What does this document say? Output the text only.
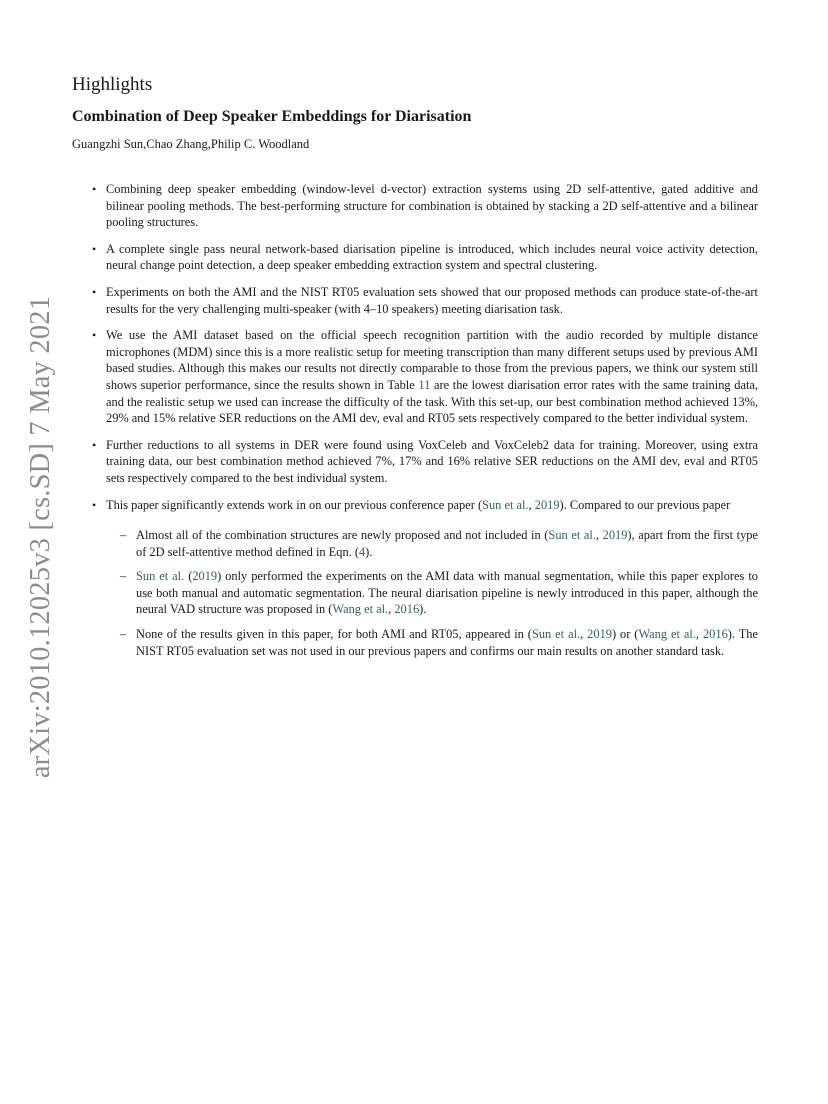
arXiv:2010.12025v3 [cs.SD] 7 May 2021
Highlights
Combination of Deep Speaker Embeddings for Diarisation

Guangzhi Sun,Chao Zhang,Philip C. Woodland

• Combining deep speaker embedding (window-level d-vector) extraction systems using 2D self-attentive, gated additive and bilinear pooling methods. The best-performing structure for combination is obtained by stacking a 2D self-attentive and a bilinear pooling structures.
• A complete single pass neural network-based diarisation pipeline is introduced, which includes neural voice activity detection, neural change point detection, a deep speaker embedding extraction system and spectral clustering.
• Experiments on both the AMI and the NIST RT05 evaluation sets showed that our proposed methods can produce state-of-the-art results for the very challenging multi-speaker (with 4–10 speakers) meeting diarisation task.
• We use the AMI dataset based on the official speech recognition partition with the audio recorded by multiple distance microphones (MDM) since this is a more realistic setup for meeting transcription than many different setups used by previous AMI based studies. Although this makes our results not directly comparable to those from the previous papers, we think our system still shows superior performance, since the results shown in Table 11 are the lowest diarisation error rates with the same training data, and the realistic setup we used can increase the difficulty of the task. With this set-up, our best combination method achieved 13%, 29% and 15% relative SER reductions on the AMI dev, eval and RT05 sets respectively compared to the better individual system.
• Further reductions to all systems in DER were found using VoxCeleb and VoxCeleb2 data for training. Moreover, using extra training data, our best combination method achieved 7%, 17% and 16% relative SER reductions on the AMI dev, eval and RT05 sets respectively compared to the best individual system.
• This paper significantly extends work in on our previous conference paper (Sun et al., 2019). Compared to our previous paper
– Almost all of the combination structures are newly proposed and not included in (Sun et al., 2019), apart from the first type of 2D self-attentive method defined in Eqn. (4).
– Sun et al. (2019) only performed the experiments on the AMI data with manual segmentation, while this paper explores to use both manual and automatic segmentation. The neural diarisation pipeline is newly introduced in this paper, although the neural VAD structure was proposed in (Wang et al., 2016).
– None of the results given in this paper, for both AMI and RT05, appeared in (Sun et al., 2019) or (Wang et al., 2016). The NIST RT05 evaluation set was not used in our previous papers and confirms our main results on another standard task.
